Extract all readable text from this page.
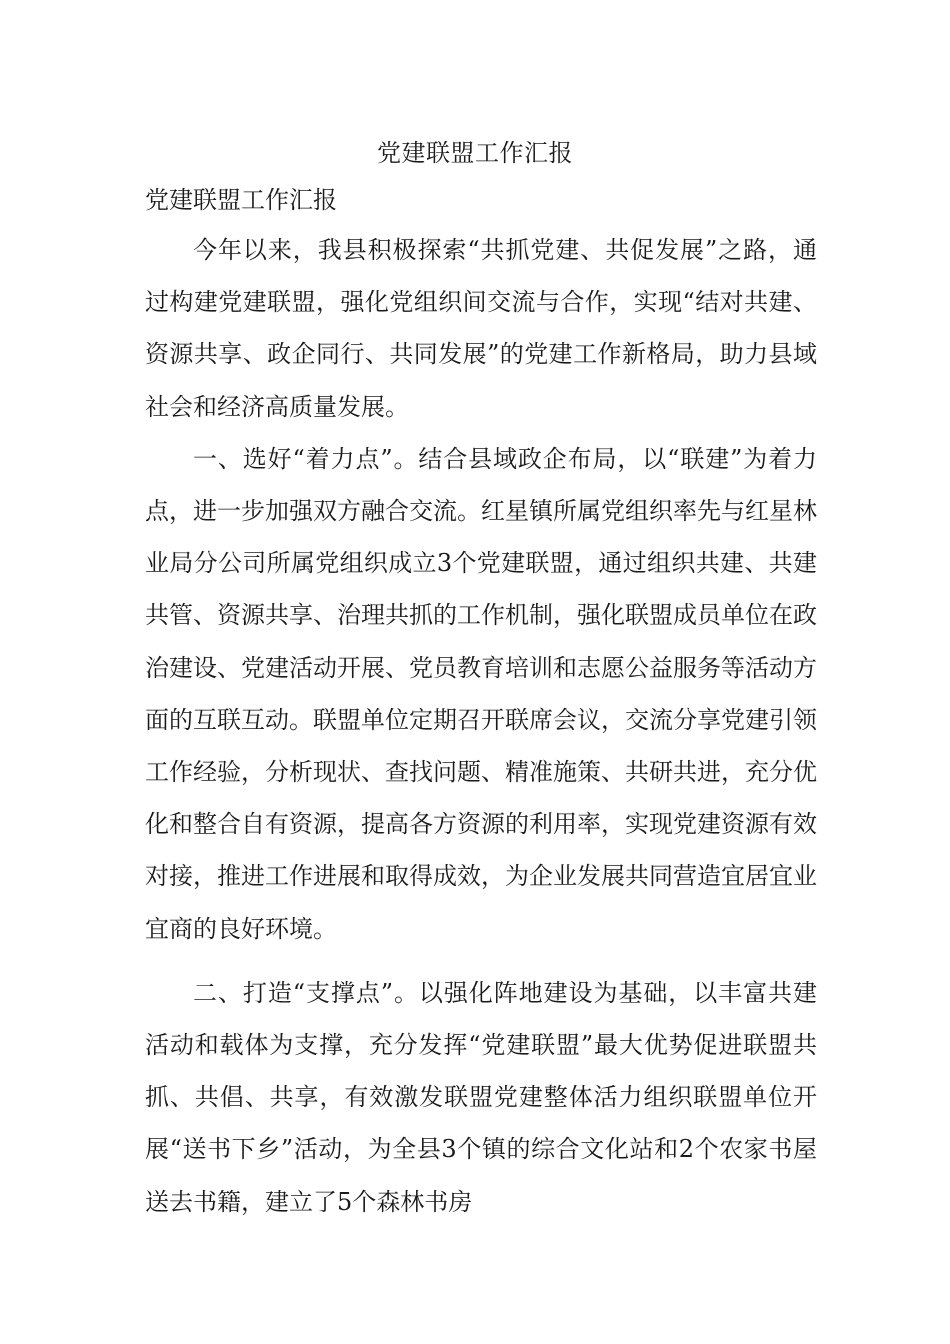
党建联盟工作汇报
党建联盟工作汇报

今年以来，我县积极探索“共抓党建、共促发展”之路，通过构建党建联盟，强化党组织间交流与合作，实现“结对共建、资源共享、政企同行、共同发展”的党建工作新格局，助力县域社会和经济高质量发展。

一、选好“着力点”。结合县域政企布局，以“联建”为着力点，进一步加强双方融合交流。红星镇所属党组织率先与红星林业局分公司所属党组织成立3个党建联盟，通过组织共建、共建共管、资源共享、治理共抓的工作机制，强化联盟成员单位在政治建设、党建活动开展、党员教育培训和志愿公益服务等活动方面的互联互动。联盟单位定期召开联席会议，交流分享党建引领工作经验，分析现状、查找问题、精准施策、共研共进，充分优化和整合自有资源，提高各方资源的利用率，实现党建资源有效对接，推进工作进展和取得成效，为企业发展共同营造宜居宜业宜商的良好环境。

二、打造“支撑点”。以强化阵地建设为基础，以丰富共建活动和载体为支撑，充分发挥“党建联盟”最大优势促进联盟共抓、共倡、共享，有效激发联盟党建整体活力组织联盟单位开展“送书下乡”活动，为全县3个镇的综合文化站和2个农家书屋送去书籍，建立了5个森林书房
